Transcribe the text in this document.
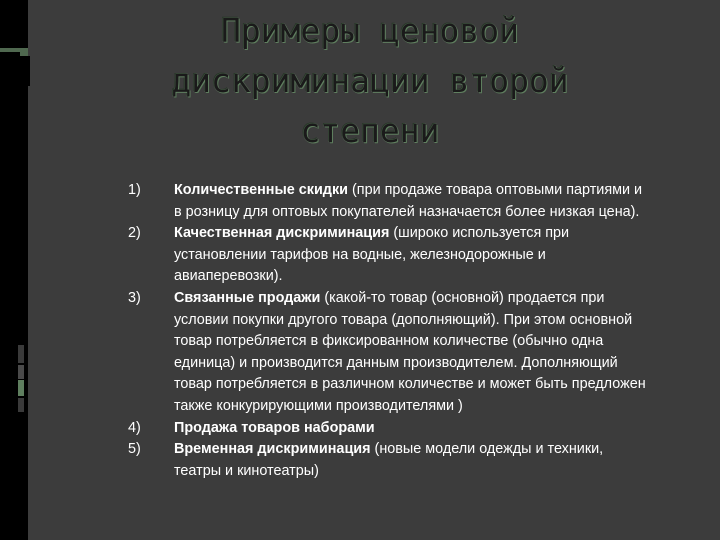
Примеры ценовой дискриминации второй степени
1) Количественные скидки (при продаже товара оптовыми партиями и в розницу для оптовых покупателей назначается более низкая цена).
2) Качественная дискриминация (широко используется при установлении тарифов на водные, железнодорожные и авиаперевозки).
3) Связанные продажи (какой-то товар (основной) продается при условии покупки другого товара (дополняющий). При этом основной товар потребляется в фиксированном количестве (обычно одна единица) и производится данным производителем. Дополняющий товар потребляется в различном количестве и может быть предложен также конкурирующими производителями )
4) Продажа товаров наборами
5) Временная дискриминация (новые модели одежды и техники, театры и кинотеатры)
